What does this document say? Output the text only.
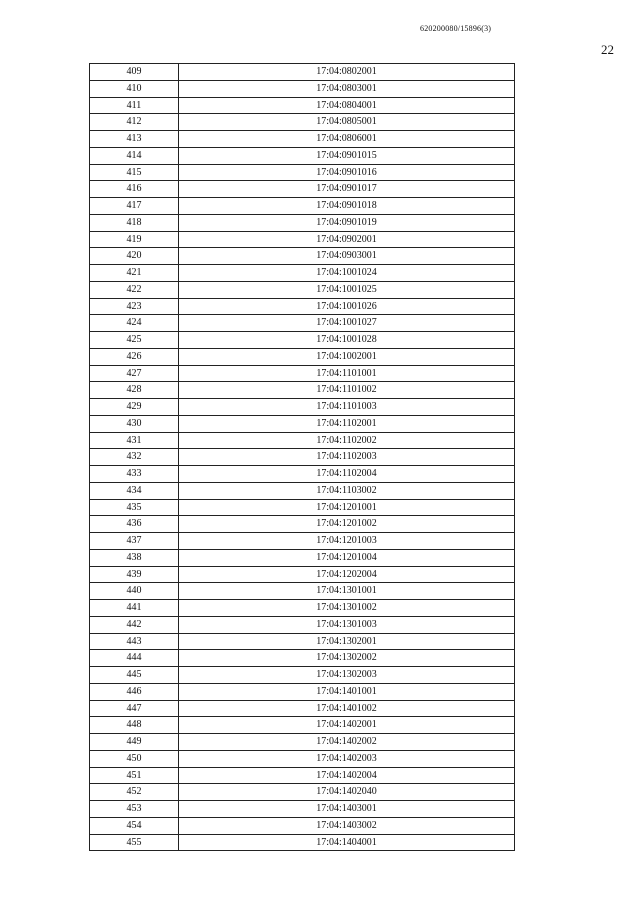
620200080/15896(3)
22
409	17:04:0802001
410	17:04:0803001
411	17:04:0804001
412	17:04:0805001
413	17:04:0806001
414	17:04:0901015
415	17:04:0901016
416	17:04:0901017
417	17:04:0901018
418	17:04:0901019
419	17:04:0902001
420	17:04:0903001
421	17:04:1001024
422	17:04:1001025
423	17:04:1001026
424	17:04:1001027
425	17:04:1001028
426	17:04:1002001
427	17:04:1101001
428	17:04:1101002
429	17:04:1101003
430	17:04:1102001
431	17:04:1102002
432	17:04:1102003
433	17:04:1102004
434	17:04:1103002
435	17:04:1201001
436	17:04:1201002
437	17:04:1201003
438	17:04:1201004
439	17:04:1202004
440	17:04:1301001
441	17:04:1301002
442	17:04:1301003
443	17:04:1302001
444	17:04:1302002
445	17:04:1302003
446	17:04:1401001
447	17:04:1401002
448	17:04:1402001
449	17:04:1402002
450	17:04:1402003
451	17:04:1402004
452	17:04:1402040
453	17:04:1403001
454	17:04:1403002
455	17:04:1404001
